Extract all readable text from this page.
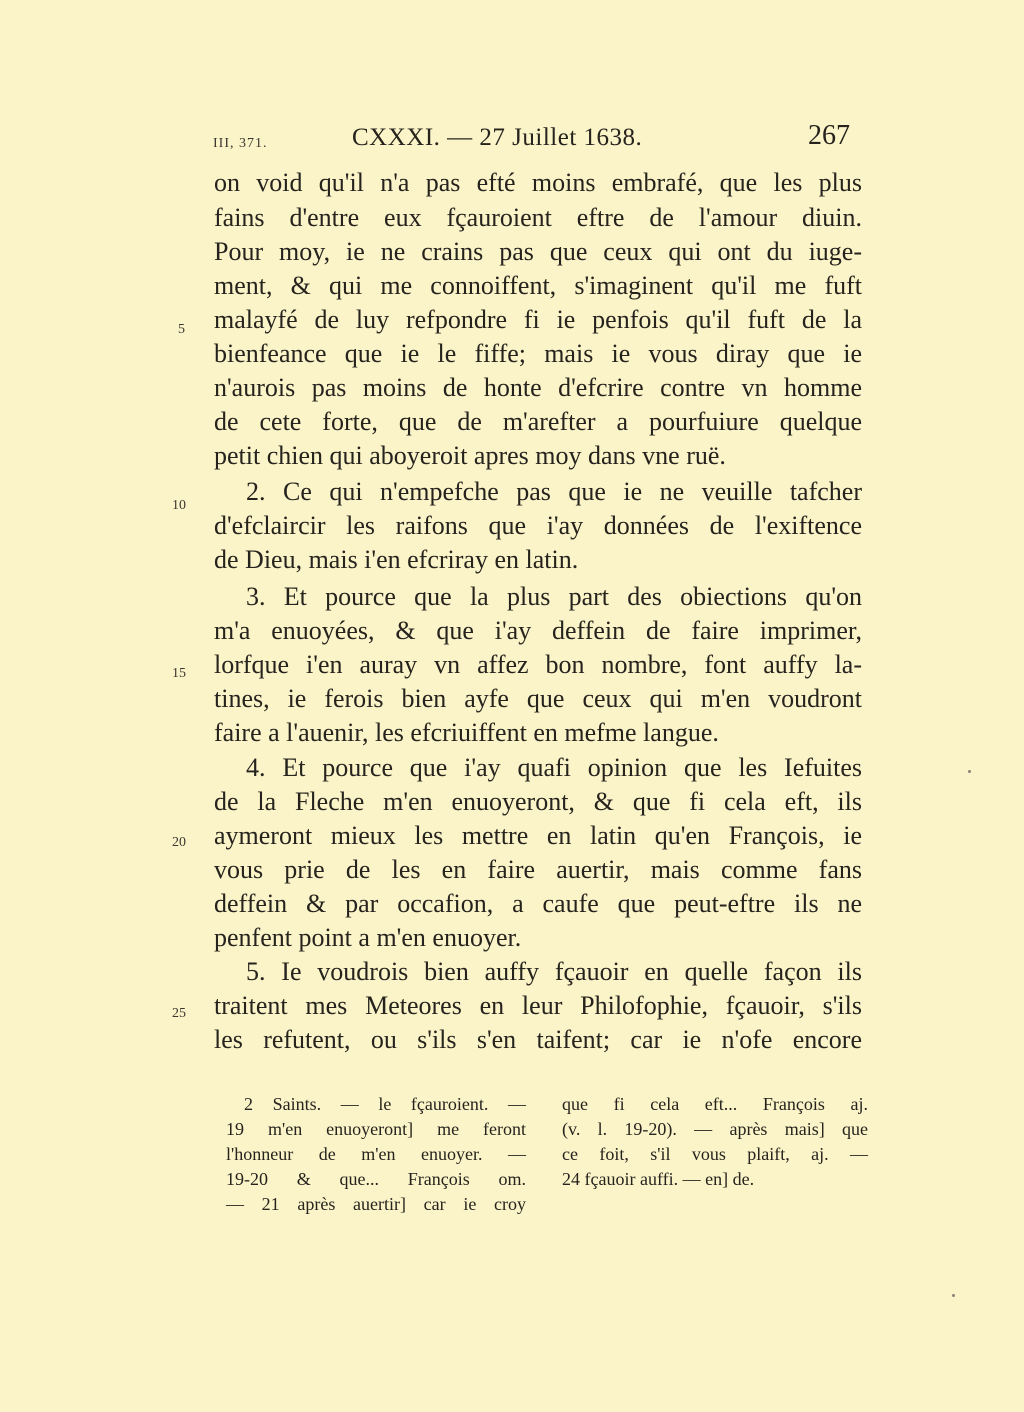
III, 371.	CXXXI. — 27 Juillet 1638.	267
on void qu'il n'a pas efté moins embrafé, que les plus
fains d'entre eux fçauroient eftre de l'amour diuin.
Pour moy, ie ne crains pas que ceux qui ont du iuge-
ment, & qui me connoiffent, s'imaginent qu'il me fuft
malayfé de luy refpondre fi ie penfois qu'il fuft de la
bienfeance que ie le fiffe; mais ie vous diray que ie
n'aurois pas moins de honte d'efcrire contre vn homme
de cete forte, que de m'arefter a pourfuiure quelque
petit chien qui aboyeroit apres moy dans vne ruë.
2. Ce qui n'empefche pas que ie ne veuille tafcher
d'efclaircir les raifons que i'ay données de l'exiftence
de Dieu, mais i'en efcriray en latin.
3. Et pource que la plus part des obiections qu'on
m'a enuoyées, & que i'ay deffein de faire imprimer,
lorfque i'en auray vn affez bon nombre, font auffy la-
tines, ie ferois bien ayfe que ceux qui m'en voudront
faire a l'auenir, les efcriuiffent en mefme langue.
4. Et pource que i'ay quafi opinion que les Iefuites
de la Fleche m'en enuoyeront, & que fi cela eft, ils
aymeront mieux les mettre en latin qu'en François, ie
vous prie de les en faire auertir, mais comme fans
deffein & par occafion, a caufe que peut-eftre ils ne
penfent point a m'en enuoyer.
5. Ie voudrois bien auffy fçauoir en quelle façon ils
traitent mes Meteores en leur Philofophie, fçauoir, s'ils
les refutent, ou s'ils s'en taifent; car ie n'ofe encore
5
10
15
20
25
2 Saints. — le fçauroient. —
19 m'en enuoyeront] me feront
l'honneur de m'en enuoyer. —
19-20 & que... François om.
— 21 après auertir] car ie croy
que fi cela eft... François aj.
(v. l. 19-20). — après mais] que
ce foit, s'il vous plaift, aj. —
24 fçauoir auffi. — en] de.
